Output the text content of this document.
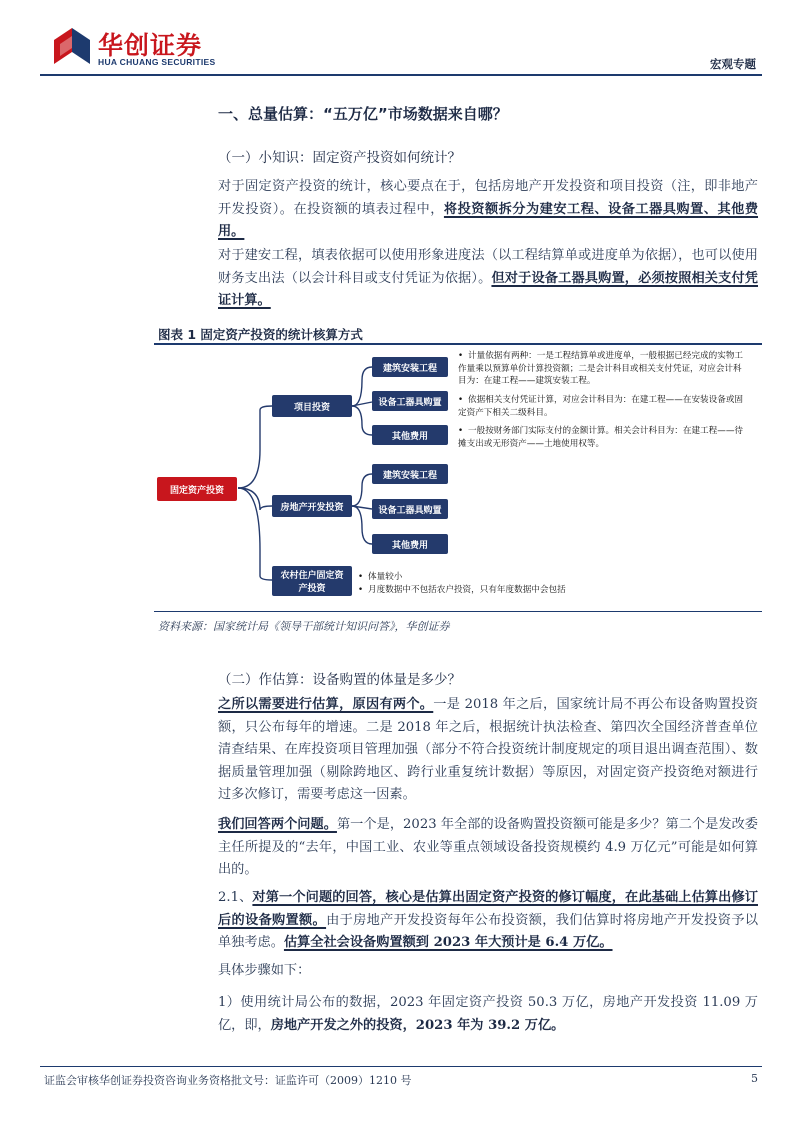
华创证券
HUA CHUANG SECURITIES	宏观专题
一、总量估算：“五万亿”市场数据来自哪？
（一）小知识：固定资产投资如何统计？
对于固定资产投资的统计，核心要点在于，包括房地产开发投资和项目投资（注，即非地产开发投资）。在投资额的填表过程中，将投资额拆分为建安工程、设备工器具购置、其他费用。
对于建安工程，填表依据可以使用形象进度法（以工程结算单或进度单为依据），也可以使用财务支出法（以会计科目或支付凭证为依据）。但对于设备工器具购置，必须按照相关支付凭证计算。
图表 1 固定资产投资的统计核算方式
固定资产投资
项目投资
房地产开发投资
农村住户固定资产投资
建筑安装工程
设备工器具购置
其他费用
建筑安装工程
设备工器具购置
其他费用
• 计量依据有两种：一是工程结算单或进度单，一般根据已经完成的实物工作量乘以预算单价计算投资额；二是会计科目或相关支付凭证，对应会计科目为：在建工程——建筑安装工程。
• 依据相关支付凭证计算，对应会计科目为：在建工程——在安装设备或固定资产下相关二级科目。
• 一般按财务部门实际支付的金额计算。相关会计科目为：在建工程——待摊支出或无形资产——土地使用权等。
• 体量较小
• 月度数据中不包括农户投资，只有年度数据中会包括
资料来源：国家统计局《领导干部统计知识问答》，华创证券
（二）作估算：设备购置的体量是多少？
之所以需要进行估算，原因有两个。一是 2018 年之后，国家统计局不再公布设备购置投资额，只公布每年的增速。二是 2018 年之后，根据统计执法检查、第四次全国经济普查单位清查结果、在库投资项目管理加强（部分不符合投资统计制度规定的项目退出调查范围）、数据质量管理加强（剔除跨地区、跨行业重复统计数据）等原因，对固定资产投资绝对额进行过多次修订，需要考虑这一因素。
我们回答两个问题。第一个是，2023 年全部的设备购置投资额可能是多少？第二个是发改委主任所提及的“去年，中国工业、农业等重点领域设备投资规模约 4.9 万亿元”可能是如何算出的。
2.1、对第一个问题的回答，核心是估算出固定资产投资的修订幅度，在此基础上估算出修订后的设备购置额。由于房地产开发投资每年公布投资额，我们估算时将房地产开发投资予以单独考虑。估算全社会设备购置额到 2023 年大预计是 6.4 万亿。
具体步骤如下：
1）使用统计局公布的数据，2023 年固定资产投资 50.3 万亿，房地产开发投资 11.09 万亿，即，房地产开发之外的投资，2023 年为 39.2 万亿。
证监会审核华创证券投资咨询业务资格批文号：证监许可（2009）1210 号	5
